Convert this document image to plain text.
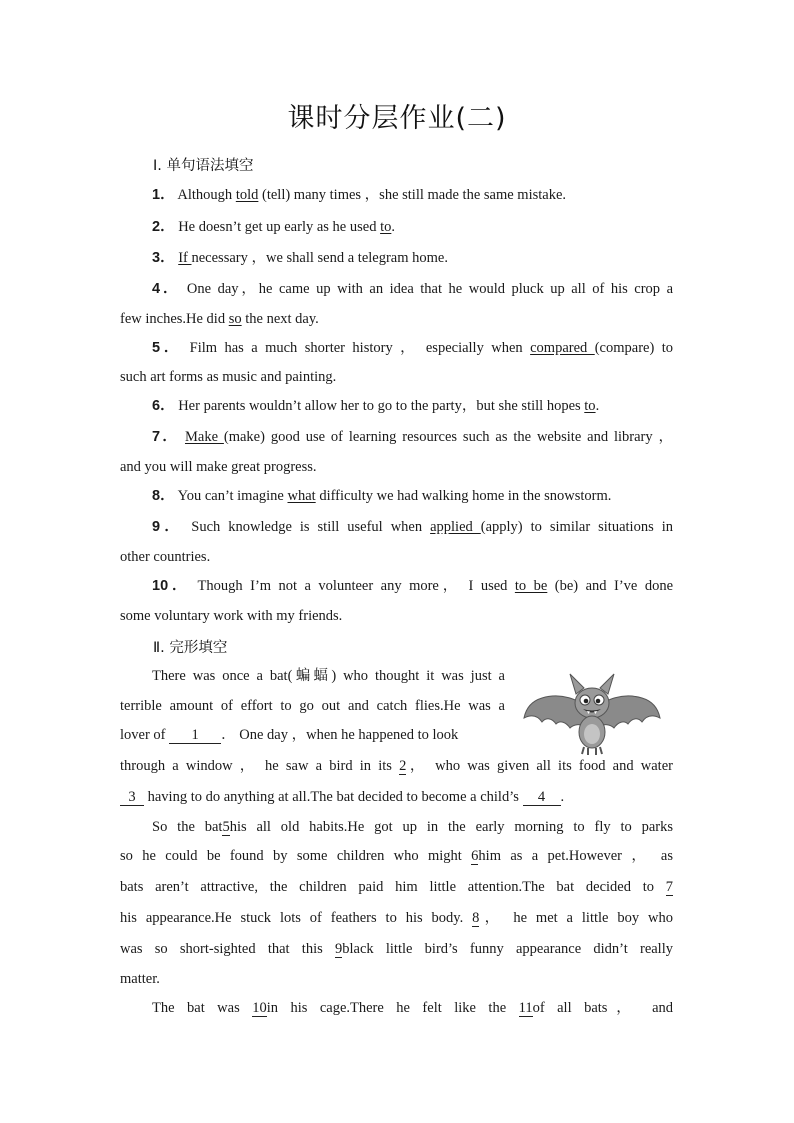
课时分层作业(二)
Ⅰ. 单句语法填空
1． Although told (tell) many times ，she still made the same mistake.
2． He doesn’t get up early as he used to.
3． If necessary ，we shall send a telegram home.
4． One day，he came up with an idea that he would pluck up all of his crop a
few inches.He did so the next day.
5． Film has a much shorter history ， especially when compared (compare) to
such art forms as music and painting.
6． Her parents wouldn’t allow her to go to the party，but she still hopes to.
7． Make (make) good use of learning resources such as the website and library ，
and you will make great progress.
8． You can’t imagine what difficulty we had walking home in the snowstorm.
9． Such knowledge is still useful when applied (apply) to similar situations in
other countries.
10． Though I’m not a volunteer any more， I used to be (be) and I’ve done
some voluntary work with my friends.
Ⅱ. 完形填空
There was once a bat(蝙蝠) who thought it was just a
terrible amount of effort to go out and catch flies.He was a
lover of 1 ． One day ，when he happened to look
through a window ， he saw a bird in its 2， who was given all its food and water
3 having to do anything at all.The bat decided to become a child’s 4 .
So the bat5his all old habits.He got up in the early morning to fly to parks
so he could be found by some children who might 6him as a pet.However ， as
bats aren’t attractive, the children paid him little attention.The bat decided to 7
his appearance.He stuck lots of feathers to his body. 8， he met a little boy who
was so short-sighted that this 9black little bird’s funny appearance didn’t really
matter.
The bat was 10in his cage.There he felt like the 11of all bats， and
